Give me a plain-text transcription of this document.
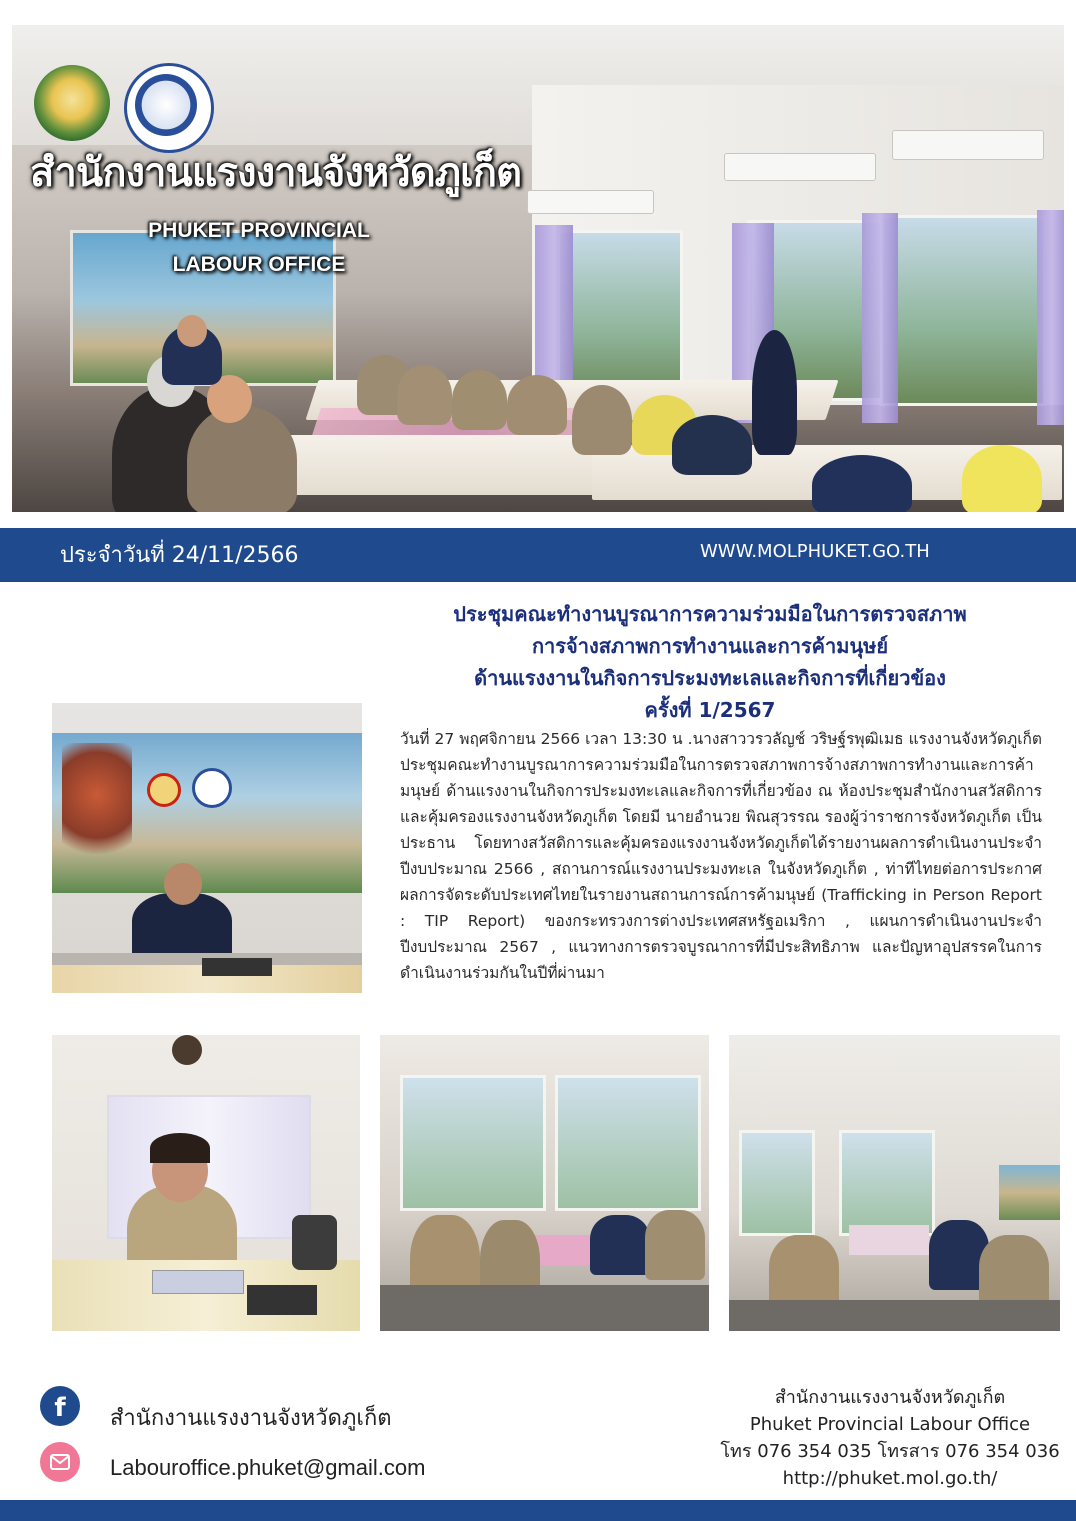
สำนักงานแรงงานจังหวัดภูเก็ต
PHUKET PROVINCIAL
LABOUR OFFICE
ประจำวันที่ 24/11/2566	WWW.MOLPHUKET.GO.TH
ประชุมคณะทำงานบูรณาการความร่วมมือในการตรวจสภาพ
การจ้างสภาพการทำงานและการค้ามนุษย์
ด้านแรงงานในกิจการประมงทะเลและกิจการที่เกี่ยวข้อง
ครั้งที่ 1/2567
วันที่ 27 พฤศจิกายน 2566 เวลา 13:30 น .นางสาววรวลัญช์ วริษฐ์รพุฒิเมธ แรงงานจังหวัดภูเก็ต ประชุมคณะทำงานบูรณาการความร่วมมือในการตรวจสภาพการจ้างสภาพการทำงานและการค้ามนุษย์ ด้านแรงงานในกิจการประมงทะเลและกิจการที่เกี่ยวข้อง ณ ห้องประชุมสำนักงานสวัสดิการและคุ้มครองแรงงานจังหวัดภูเก็ต โดยมี นายอำนวย พิณสุวรรณ รองผู้ว่าราชการจังหวัดภูเก็ต เป็นประธาน โดยทางสวัสดิการและคุ้มครองแรงงานจังหวัดภูเก็ตได้รายงานผลการดำเนินงานประจำปีงบประมาณ 2566 , สถานการณ์แรงงานประมงทะเล ในจังหวัดภูเก็ต , ท่าทีไทยต่อการประกาศผลการจัดระดับประเทศไทยในรายงานสถานการณ์การค้ามนุษย์ (Trafficking in Person Report : TIP Report) ของกระทรวงการต่างประเทศสหรัฐอเมริกา , แผนการดำเนินงานประจำปีงบประมาณ 2567 , แนวทางการตรวจบูรณาการที่มีประสิทธิภาพ และปัญหาอุปสรรคในการดำเนินงานร่วมกันในปีที่ผ่านมา
f	สำนักงานแรงงานจังหวัดภูเก็ต
Labouroffice.phuket@gmail.com
สำนักงานแรงงานจังหวัดภูเก็ต
Phuket Provincial Labour Office
โทร 076 354 035 โทรสาร 076 354 036
http://phuket.mol.go.th/
